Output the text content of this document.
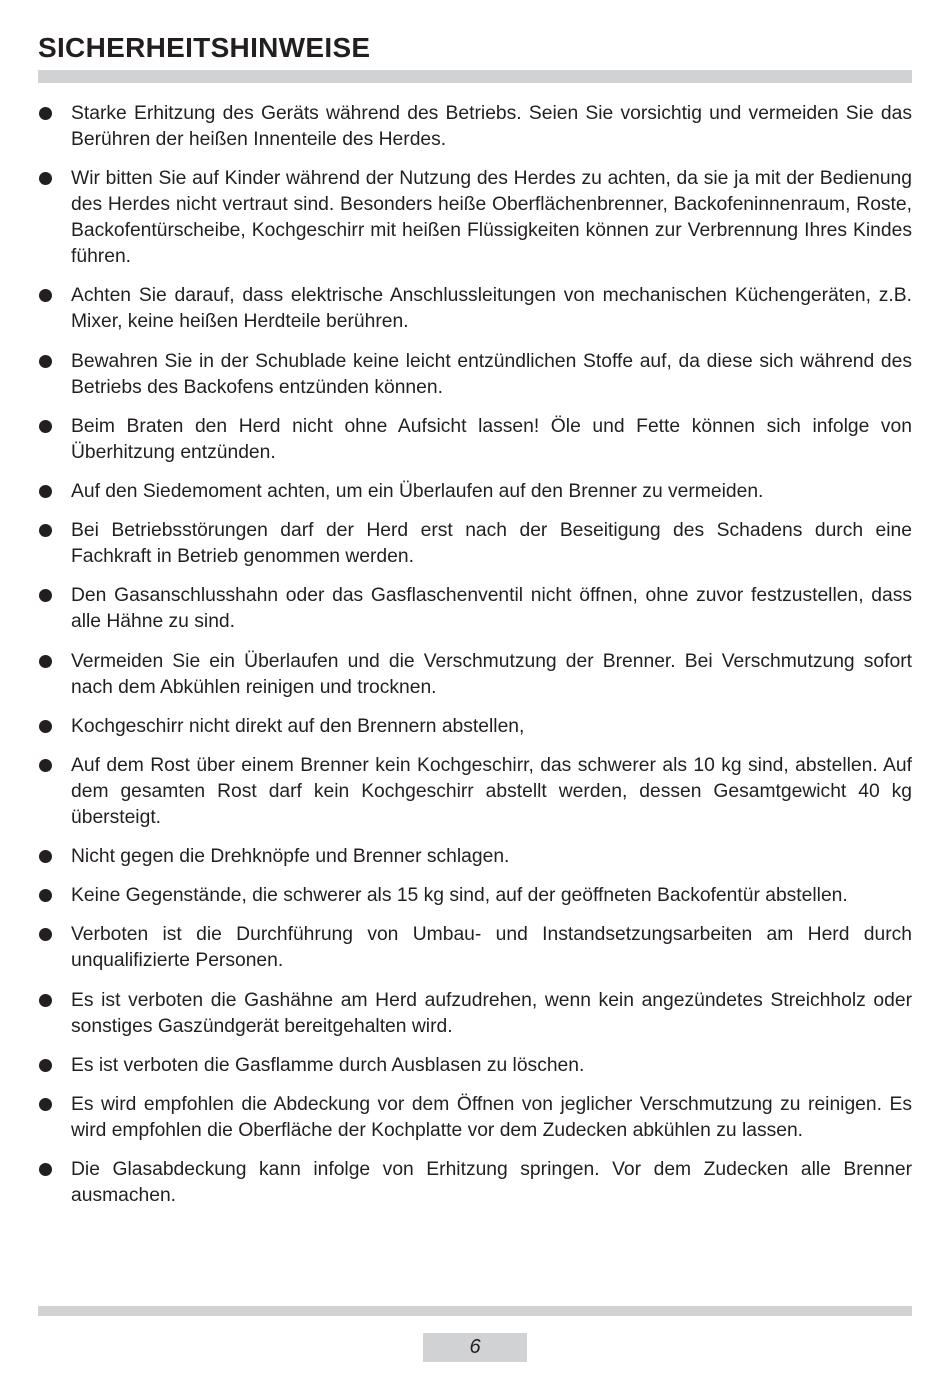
SICHERHEITSHINWEISE
Starke Erhitzung des Geräts während des Betriebs. Seien Sie vorsichtig und vermeiden Sie das Berühren der heißen Innenteile des Herdes.
Wir bitten Sie auf Kinder während der Nutzung des Herdes zu achten, da sie ja mit der Bedienung des Herdes nicht vertraut sind. Besonders heiße Oberflächenbrenner, Backofeninnenraum, Roste, Backofentürscheibe, Kochgeschirr mit heißen Flüssigkeiten können zur Verbrennung Ihres Kindes führen.
Achten Sie darauf, dass elektrische Anschlussleitungen von mechanischen Küchengeräten, z.B. Mixer, keine heißen Herdteile berühren.
Bewahren Sie in der Schublade keine leicht entzündlichen Stoffe auf, da diese sich während des Betriebs des Backofens entzünden können.
Beim Braten den Herd nicht ohne Aufsicht lassen! Öle und Fette können sich infolge von Überhitzung entzünden.
Auf den Siedemoment achten, um ein Überlaufen auf den Brenner zu vermeiden.
Bei Betriebsstörungen darf der Herd erst nach der Beseitigung des Schadens durch eine Fachkraft in Betrieb genommen werden.
Den Gasanschlusshahn oder das Gasflaschenventil nicht öffnen, ohne zuvor festzustellen, dass alle Hähne zu sind.
Vermeiden Sie ein Überlaufen und die Verschmutzung der Brenner. Bei Verschmutzung sofort nach dem Abkühlen reinigen und trocknen.
Kochgeschirr nicht direkt auf den Brennern abstellen,
Auf dem Rost über einem Brenner kein Kochgeschirr, das schwerer als 10 kg sind, abstellen. Auf dem gesamten Rost darf kein Kochgeschirr abstellt werden, dessen Gesamtgewicht 40 kg übersteigt.
Nicht gegen die Drehknöpfe und Brenner schlagen.
Keine Gegenstände, die schwerer als 15 kg sind, auf der geöffneten Backofentür abstellen.
Verboten ist die Durchführung von Umbau- und Instandsetzungsarbeiten am Herd durch unqualifizierte Personen.
Es ist verboten die Gashähne am Herd aufzudrehen, wenn kein angezündetes Streichholz oder sonstiges Gaszündgerät bereitgehalten wird.
Es ist verboten die Gasflamme durch Ausblasen zu löschen.
Es wird empfohlen die Abdeckung vor dem Öffnen von jeglicher Verschmutzung zu reinigen. Es wird empfohlen die Oberfläche der Kochplatte vor dem Zudecken abkühlen zu lassen.
Die Glasabdeckung kann infolge von Erhitzung springen. Vor dem Zudecken alle Brenner ausmachen.
6
